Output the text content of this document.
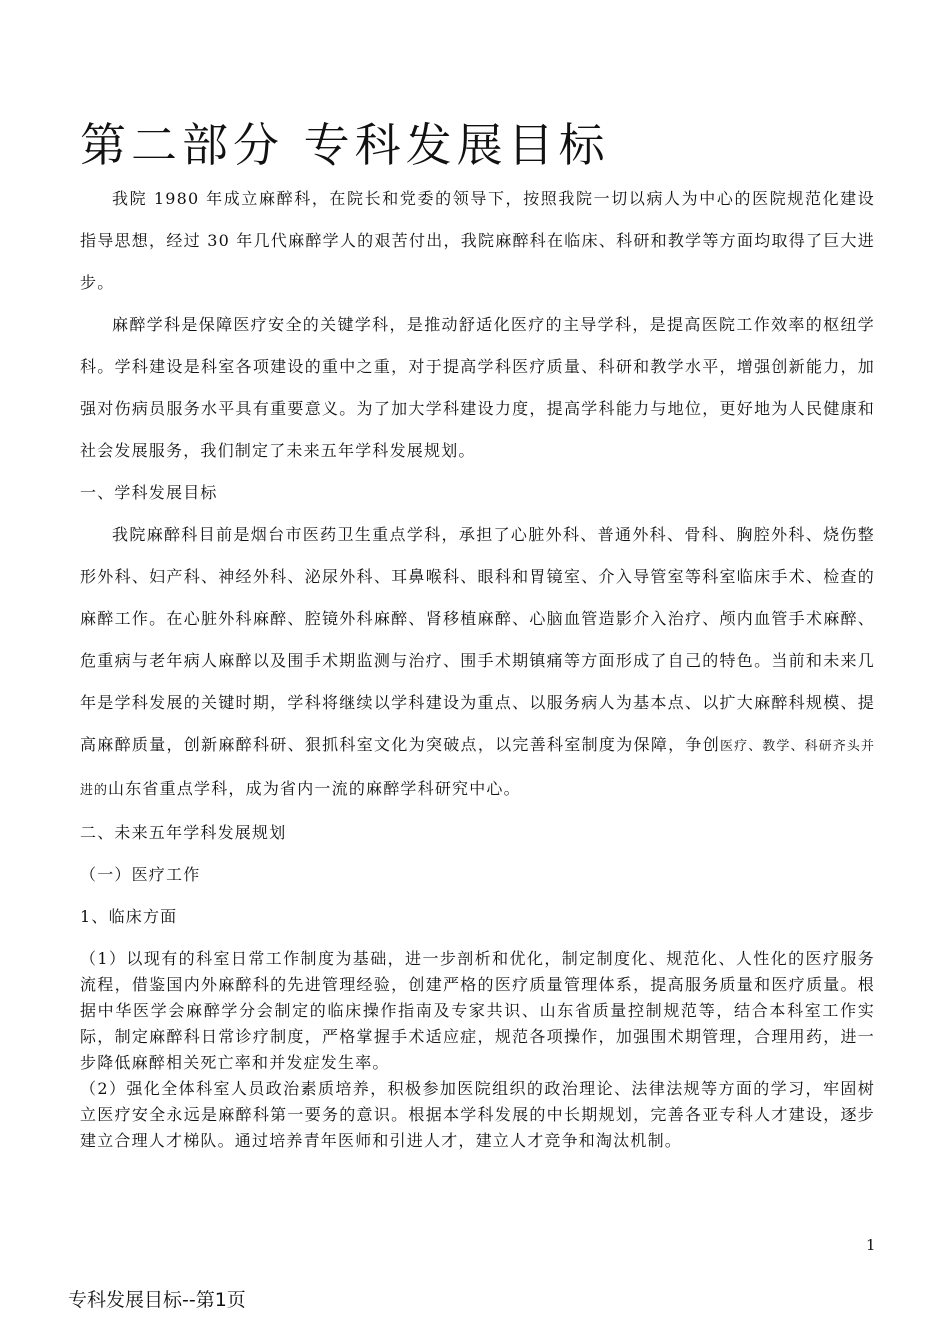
第二部分 专科发展目标

我院 1980 年成立麻醉科，在院长和党委的领导下，按照我院一切以病人为中心的医院规范化建设指导思想，经过 30 年几代麻醉学人的艰苦付出，我院麻醉科在临床、科研和教学等方面均取得了巨大进步。

麻醉学科是保障医疗安全的关键学科，是推动舒适化医疗的主导学科，是提高医院工作效率的枢纽学科。学科建设是科室各项建设的重中之重，对于提高学科医疗质量、科研和教学水平，增强创新能力，加强对伤病员服务水平具有重要意义。为了加大学科建设力度，提高学科能力与地位，更好地为人民健康和社会发展服务，我们制定了未来五年学科发展规划。

一、学科发展目标

我院麻醉科目前是烟台市医药卫生重点学科，承担了心脏外科、普通外科、骨科、胸腔外科、烧伤整形外科、妇产科、神经外科、泌尿外科、耳鼻喉科、眼科和胃镜室、介入导管室等科室临床手术、检查的麻醉工作。在心脏外科麻醉、腔镜外科麻醉、肾移植麻醉、心脑血管造影介入治疗、颅内血管手术麻醉、危重病与老年病人麻醉以及围手术期监测与治疗、围手术期镇痛等方面形成了自己的特色。当前和未来几年是学科发展的关键时期，学科将继续以学科建设为重点、以服务病人为基本点、以扩大麻醉科规模、提高麻醉质量，创新麻醉科研、狠抓科室文化为突破点，以完善科室制度为保障，争创医疗、教学、科研齐头并进的山东省重点学科，成为省内一流的麻醉学科研究中心。

二、未来五年学科发展规划

（一）医疗工作

1、临床方面

（1）以现有的科室日常工作制度为基础，进一步剖析和优化，制定制度化、规范化、人性化的医疗服务流程，借鉴国内外麻醉科的先进管理经验，创建严格的医疗质量管理体系，提高服务质量和医疗质量。根据中华医学会麻醉学分会制定的临床操作指南及专家共识、山东省质量控制规范等，结合本科室工作实际，制定麻醉科日常诊疗制度，严格掌握手术适应症，规范各项操作，加强围术期管理，合理用药，进一步降低麻醉相关死亡率和并发症发生率。

（2）强化全体科室人员政治素质培养，积极参加医院组织的政治理论、法律法规等方面的学习，牢固树立医疗安全永远是麻醉科第一要务的意识。根据本学科发展的中长期规划，完善各亚专科人才建设，逐步建立合理人才梯队。通过培养青年医师和引进人才，建立人才竞争和淘汰机制。

1
专科发展目标--第1页
